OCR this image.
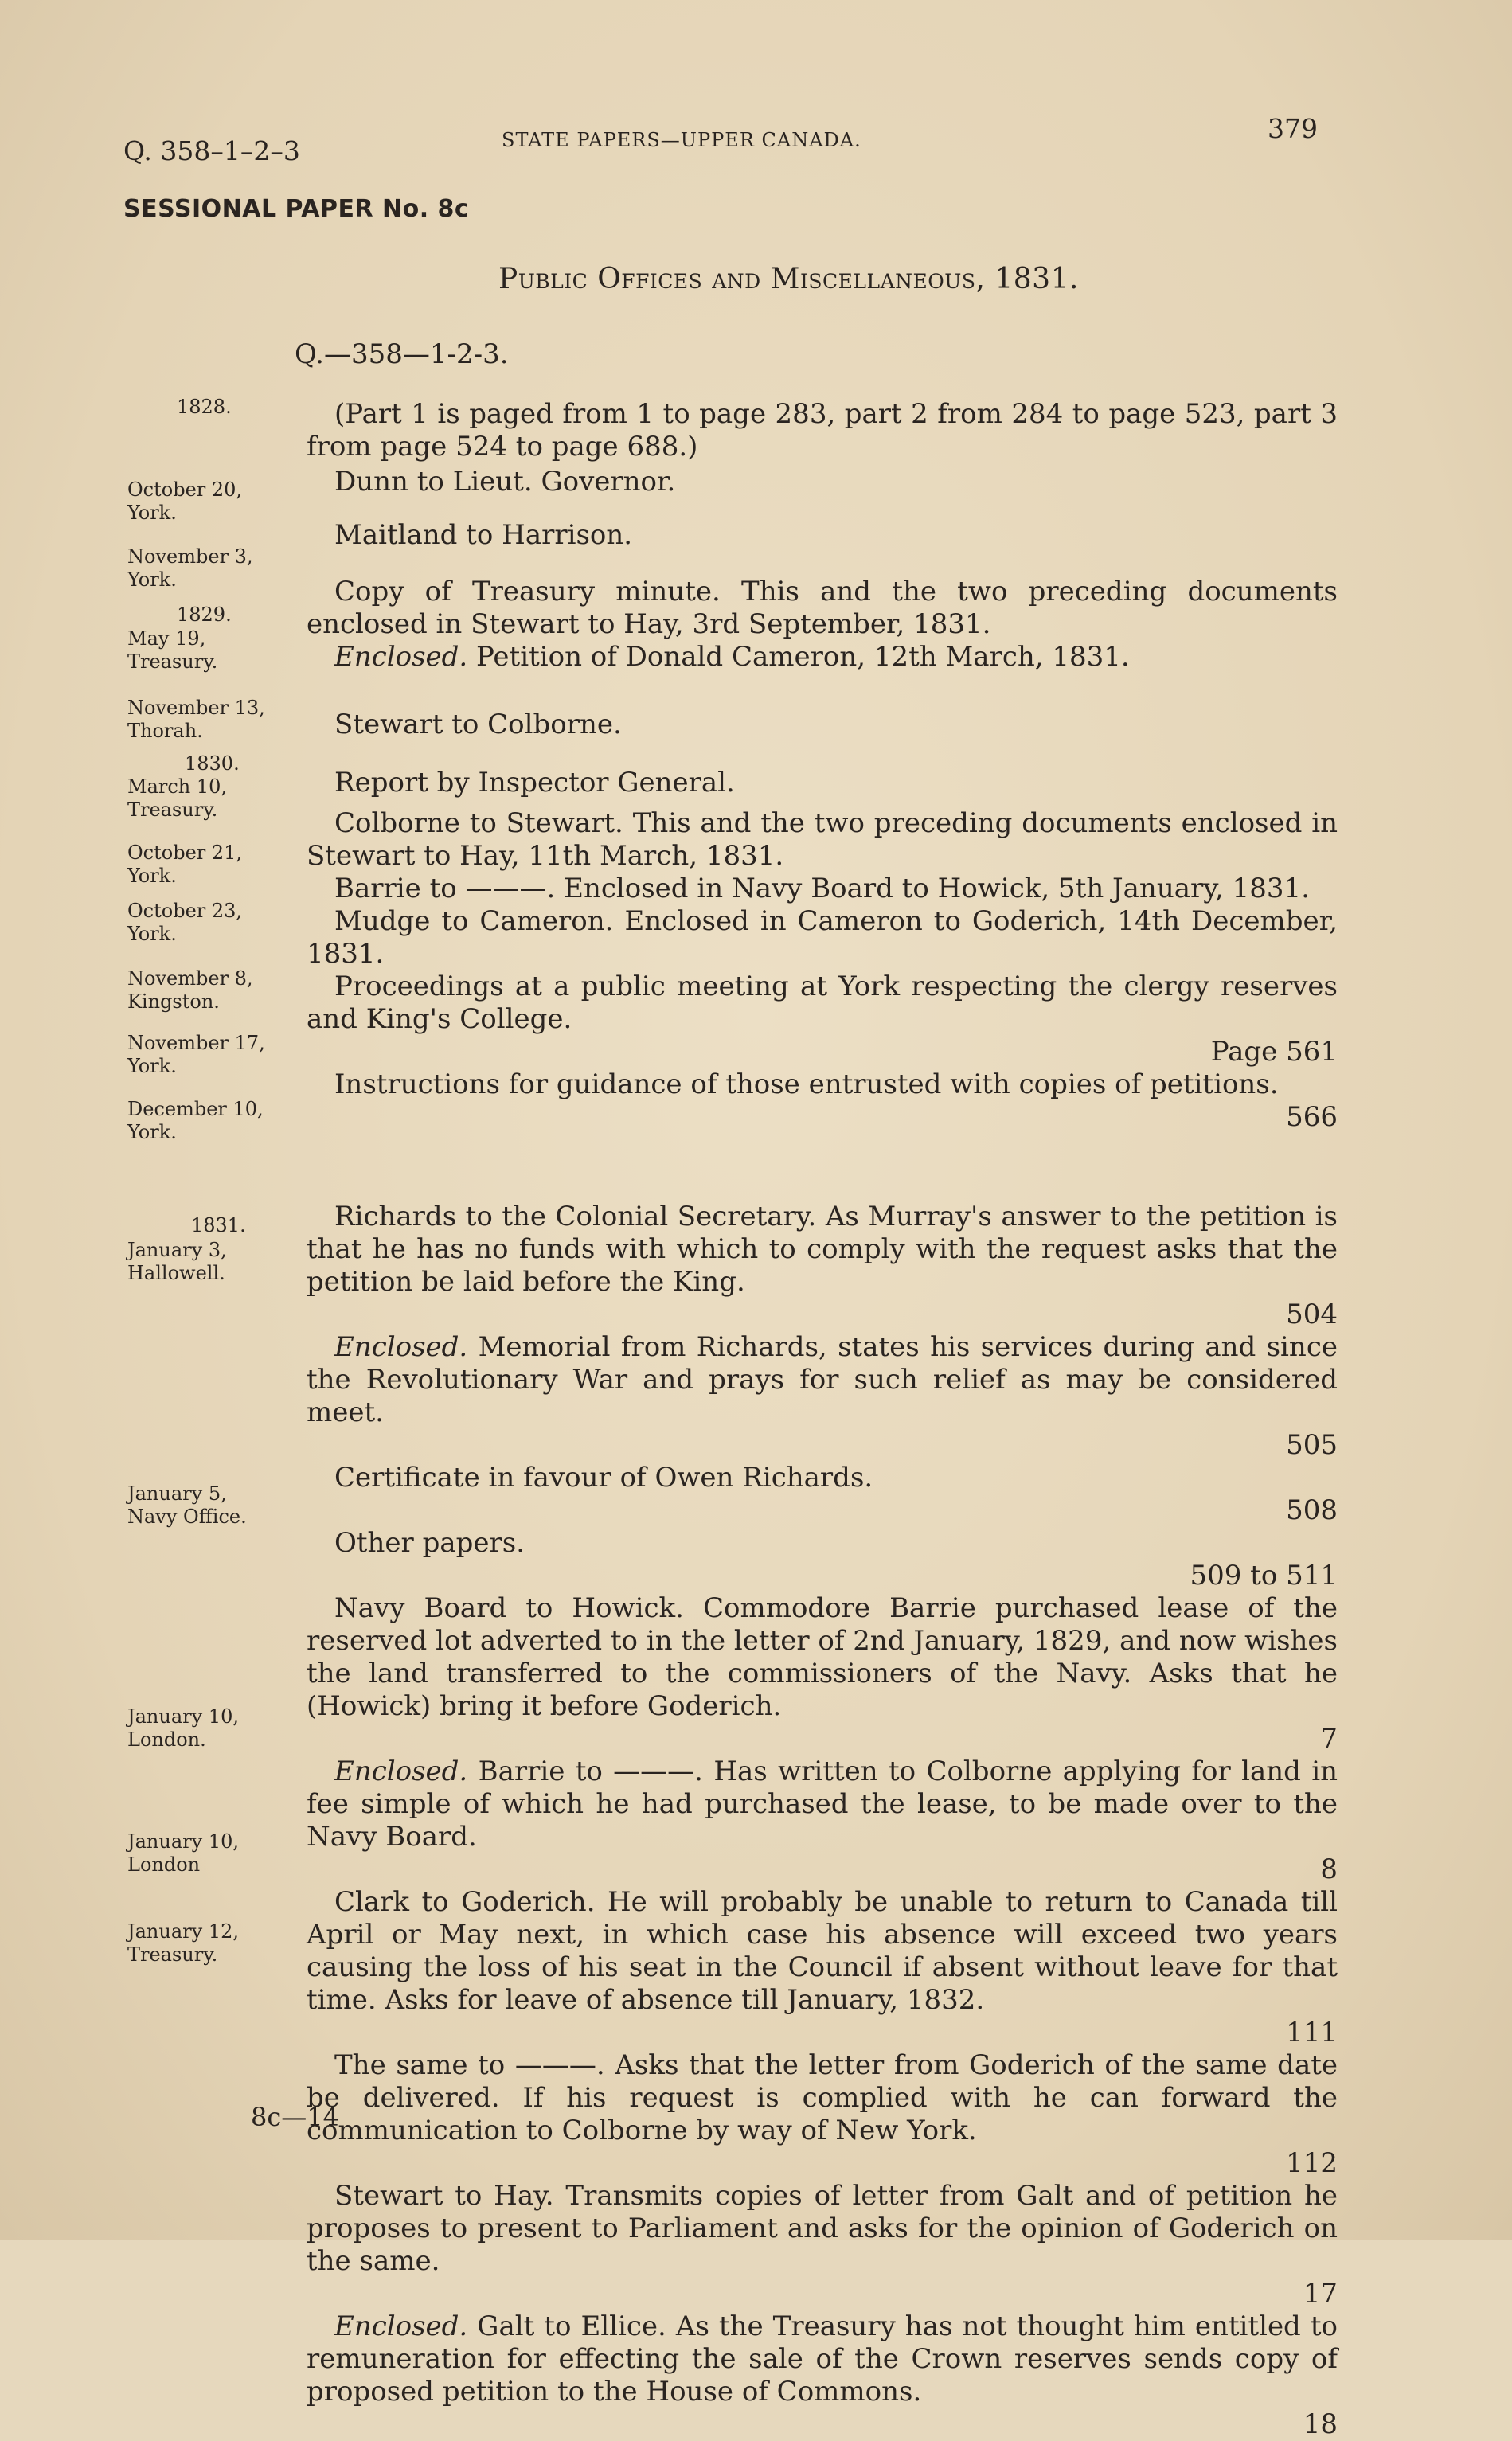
Q. 358–1–2–3	STATE PAPERS—UPPER CANADA.	379
SESSIONAL PAPER No. 8c
Public Offices and Miscellaneous, 1831.
Q.—358—1-2-3.
1828.
1829.
1830.
1831.
October 20,
York.
November 3,
York.
May 19,
Treasury.
November 13,
Thorah.
March 10,
Treasury.
October 21,
York.
October 23,
York.
November 8,
Kingston.
November 17,
York.
December 10,
York.
January 3,
Hallowell.
January 5,
Navy Office.
January 10,
London.
January 10,
London
January 12,
Treasury.

(Part 1 is paged from 1 to page 283, part 2 from 284 to page 523, part 3 from page 524 to page 688.)

Dunn to Lieut. Governor.

Maitland to Harrison.

Copy of Treasury minute. This and the two preceding documents enclosed in Stewart to Hay, 3rd September, 1831.

Enclosed. Petition of Donald Cameron, 12th March, 1831.

Stewart to Colborne.

Report by Inspector General.

Colborne to Stewart. This and the two preceding documents enclosed in Stewart to Hay, 11th March, 1831.

Barrie to ———. Enclosed in Navy Board to Howick, 5th January, 1831.

Mudge to Cameron. Enclosed in Cameron to Goderich, 14th December, 1831.

Proceedings at a public meeting at York respecting the clergy reserves and King's College.
Page 561

Instructions for guidance of those entrusted with copies of petitions.
566

Richards to the Colonial Secretary. As Murray's answer to the petition is that he has no funds with which to comply with the request asks that the petition be laid before the King.
504

Enclosed. Memorial from Richards, states his services during and since the Revolutionary War and prays for such relief as may be considered meet.
505

Certificate in favour of Owen Richards.
508

Other papers.
509 to 511

Navy Board to Howick. Commodore Barrie purchased lease of the reserved lot adverted to in the letter of 2nd January, 1829, and now wishes the land transferred to the commissioners of the Navy. Asks that he (Howick) bring it before Goderich.
7

Enclosed. Barrie to ———. Has written to Colborne applying for land in fee simple of which he had purchased the lease, to be made over to the Navy Board.
8

Clark to Goderich. He will probably be unable to return to Canada till April or May next, in which case his absence will exceed two years causing the loss of his seat in the Council if absent without leave for that time. Asks for leave of absence till January, 1832.
111

The same to ———. Asks that the letter from Goderich of the same date be delivered. If his request is complied with he can forward the communication to Colborne by way of New York.
112

Stewart to Hay. Transmits copies of letter from Galt and of petition he proposes to present to Parliament and asks for the opinion of Goderich on the same.
17

Enclosed. Galt to Ellice. As the Treasury has not thought him entitled to remuneration for effecting the sale of the Crown reserves sends copy of proposed petition to the House of Commons.
18

8c—14
